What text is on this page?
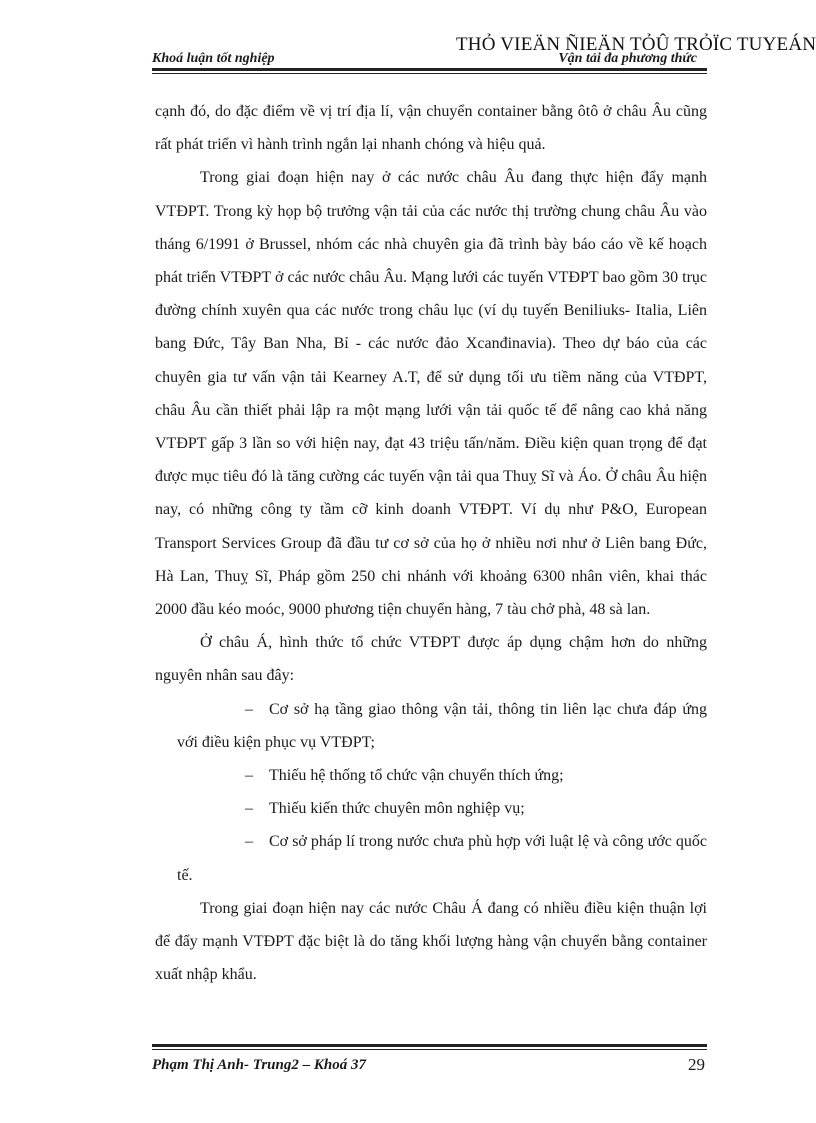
THỎ VIEÄN ÑIEÄN TỎÛ TRỎÏC TUYEÁN
Khoá luận tốt nghiệp	Vận tải đa phương thức

cạnh đó, do đặc điểm về vị trí địa lí, vận chuyển container bằng ôtô ở châu Âu cũng rất phát triển vì hành trình ngắn lại nhanh chóng và hiệu quả.

Trong giai đoạn hiện nay ở các nước châu Âu đang thực hiện đẩy mạnh VTĐPT. Trong kỳ họp bộ trưởng vận tải của các nước thị trường chung châu Âu vào tháng 6/1991 ở Brussel, nhóm các nhà chuyên gia đã trình bày báo cáo về kế hoạch phát triển VTĐPT ở các nước châu Âu. Mạng lưới các tuyến VTĐPT bao gồm 30 trục đường chính xuyên qua các nước trong châu lục (ví dụ tuyến Beniliuks- Italia, Liên bang Đức, Tây Ban Nha, Bỉ - các nước đảo Xcanđinavia). Theo dự báo của các chuyên gia tư vấn vận tải Kearney A.T, để sử dụng tối ưu tiềm năng của VTĐPT, châu Âu cần thiết phải lập ra một mạng lưới vận tải quốc tế để nâng cao khả năng VTĐPT gấp 3 lần so với hiện nay, đạt 43 triệu tấn/năm. Điều kiện quan trọng để đạt được mục tiêu đó là tăng cường các tuyến vận tải qua Thuỵ Sĩ và Áo. Ở châu Âu hiện nay, có những công ty tầm cỡ kinh doanh VTĐPT. Ví dụ như P&O, European Transport Services Group đã đầu tư cơ sở của họ ở nhiều nơi như ở Liên bang Đức, Hà Lan, Thuỵ Sĩ, Pháp gồm 250 chi nhánh với khoảng 6300 nhân viên, khai thác 2000 đầu kéo moóc, 9000 phương tiện chuyển hàng, 7 tàu chở phà, 48 sà lan.

Ở châu Á, hình thức tổ chức VTĐPT được áp dụng chậm hơn do những nguyên nhân sau đây:

– Cơ sở hạ tầng giao thông vận tải, thông tin liên lạc chưa đáp ứng với điều kiện phục vụ VTĐPT;

– Thiếu hệ thống tổ chức vận chuyển thích ứng;

– Thiếu kiến thức chuyên môn nghiệp vụ;

– Cơ sở pháp lí trong nước chưa phù hợp với luật lệ và công ước quốc tế.

Trong giai đoạn hiện nay các nước Châu Á đang có nhiều điều kiện thuận lợi để đẩy mạnh VTĐPT đặc biệt là do tăng khối lượng hàng vận chuyển bằng container xuất nhập khẩu.

Phạm Thị Anh- Trung2 – Khoá 37	29
